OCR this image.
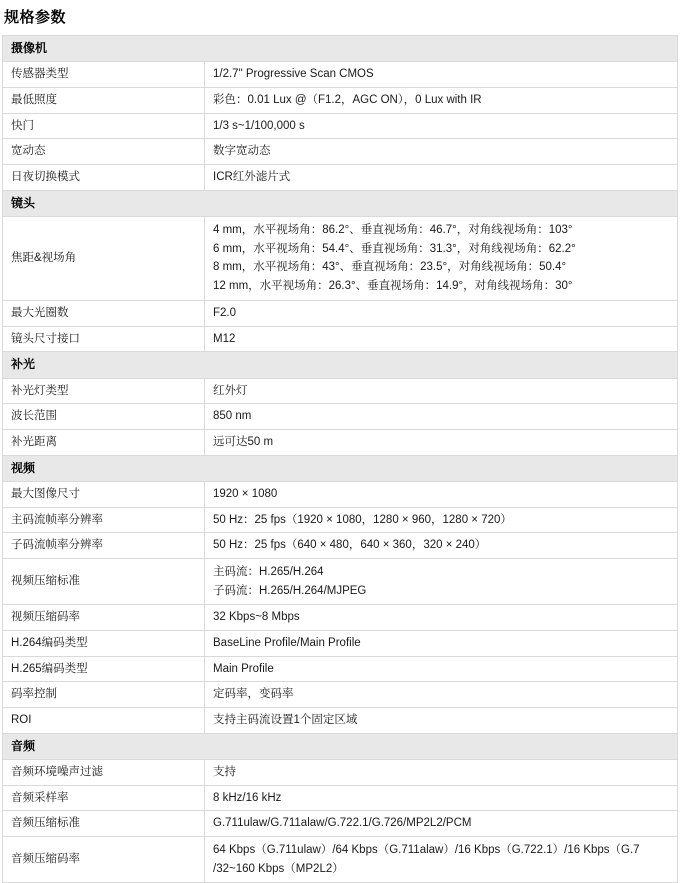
规格参数
摄像机	
传感器类型	1/2.7" Progressive Scan CMOS

最低照度	彩色：0.01 Lux @（F1.2，AGC ON），0 Lux with IR

快门	1/3 s~1/100,000 s

宽动态	数字宽动态

日夜切换模式	ICR红外滤片式

镜头	
焦距&视场角	4 mm，水平视场角：86.2°、垂直视场角：46.7°，对角线视场角：103°
6 mm，水平视场角：54.4°、垂直视场角：31.3°，对角线视场角：62.2°
8 mm，水平视场角：43°、垂直视场角：23.5°，对角线视场角：50.4°
12 mm，水平视场角：26.3°、垂直视场角：14.9°，对角线视场角：30°

最大光圈数	F2.0

镜头尺寸接口	M12

补光	
补光灯类型	红外灯

波长范围	850 nm

补光距离	远可达50 m

视频	
最大图像尺寸	1920 × 1080

主码流帧率分辨率	50 Hz：25 fps（1920 × 1080，1280 × 960，1280 × 720）

子码流帧率分辨率	50 Hz：25 fps（640 × 480，640 × 360，320 × 240）

视频压缩标准	主码流：H.265/H.264
子码流：H.265/H.264/MJPEG

视频压缩码率	32 Kbps~8 Mbps

H.264编码类型	BaseLine Profile/Main Profile

H.265编码类型	Main Profile

码率控制	定码率，变码率

ROI	支持主码流设置1个固定区域

音频	
音频环境噪声过滤	支持

音频采样率	8 kHz/16 kHz

音频压缩标准	G.711ulaw/G.711alaw/G.722.1/G.726/MP2L2/PCM

音频压缩码率	64 Kbps（G.711ulaw）/64 Kbps（G.711alaw）/16 Kbps（G.722.1）/16 Kbps（G.7
/32~160 Kbps（MP2L2）
